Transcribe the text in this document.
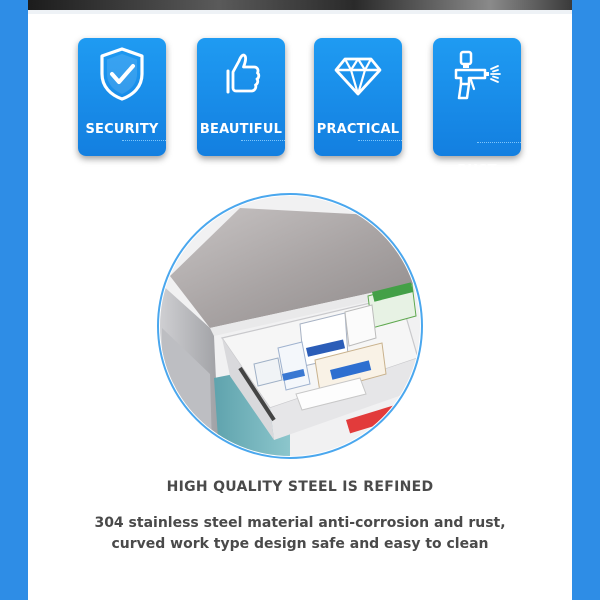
SECURITY	BEAUTIFUL	PRACTICAL
RUST
HIGH QUALITY STEEL IS REFINED
304 stainless steel material anti-corrosion and rust,
curved work type design safe and easy to clean
